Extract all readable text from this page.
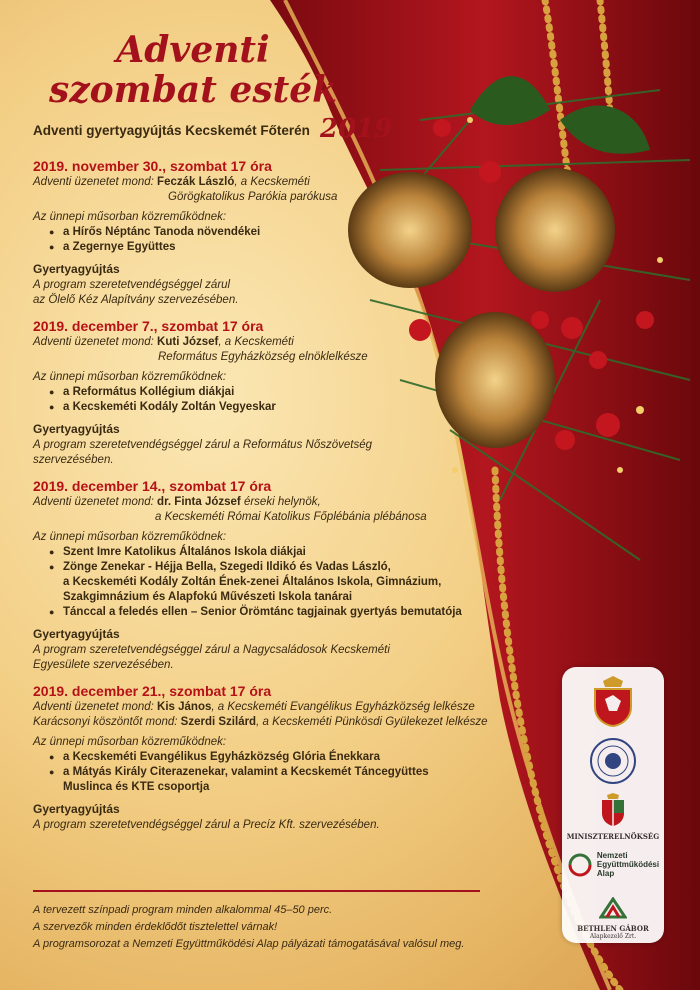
Adventi
szombat esték
Adventi gyertyagyújtás Kecskemét Főterén 2019

2019. november 30., szombat 17 óra

Adventi üzenetet mond: Feczák László, a Kecskeméti

Görögkatolikus Parókia parókusa

Az ünnepi műsorban közreműködnek:

● a Hírős Néptánc Tanoda növendékei
● a Zegernye Együttes

Gyertyagyújtás

A program szeretetvendégséggel zárul

az Ölelő Kéz Alapítvány szervezésében.

2019. december 7., szombat 17 óra

Adventi üzenetet mond: Kuti József, a Kecskeméti

Református Egyházközség elnöklelkésze

Az ünnepi műsorban közreműködnek:

● a Református Kollégium diákjai
● a Kecskeméti Kodály Zoltán Vegyeskar

Gyertyagyújtás

A program szeretetvendégséggel zárul a Református Nőszövetség

szervezésében.

2019. december 14., szombat 17 óra

Adventi üzenetet mond: dr. Finta József érseki helynök,

a Kecskeméti Római Katolikus Főplébánia plébánosa

Az ünnepi műsorban közreműködnek:

● Szent Imre Katolikus Általános Iskola diákjai
● Zönge Zenekar - Héjja Bella, Szegedi Ildikó és Vadas László,
a Kecskeméti Kodály Zoltán Ének-zenei Általános Iskola, Gimnázium,
Szakgimnázium és Alapfokú Művészeti Iskola tanárai
● Tánccal a feledés ellen – Senior Örömtánc tagjainak gyertyás bemutatója

Gyertyagyújtás

A program szeretetvendégséggel zárul a Nagycsaládosok Kecskeméti

Egyesülete szervezésében.

2019. december 21., szombat 17 óra

Adventi üzenetet mond: Kis János, a Kecskeméti Evangélikus Egyházközség lelkésze

Karácsonyi köszöntőt mond: Szerdi Szilárd, a Kecskeméti Pünkösdi Gyülekezet lelkésze

Az ünnepi műsorban közreműködnek:

● a Kecskeméti Evangélikus Egyházközség Glória Énekkara
● a Mátyás Király Citerazenekar, valamint a Kecskemét Táncegyüttes
Muslinca és KTE csoportja

Gyertyagyújtás

A program szeretetvendégséggel zárul a Precíz Kft. szervezésében.

A tervezett színpadi program minden alkalommal 45–50 perc.

A szervezők minden érdeklődőt tisztelettel várnak!

A programsorozat a Nemzeti Együttműködési Alap pályázati támogatásával valósul meg.

MINISZTERELNÖKSÉG
Nemzeti
Együttműködési
Alap
BETHLEN GÁBOR
Alapkezelő Zrt.
